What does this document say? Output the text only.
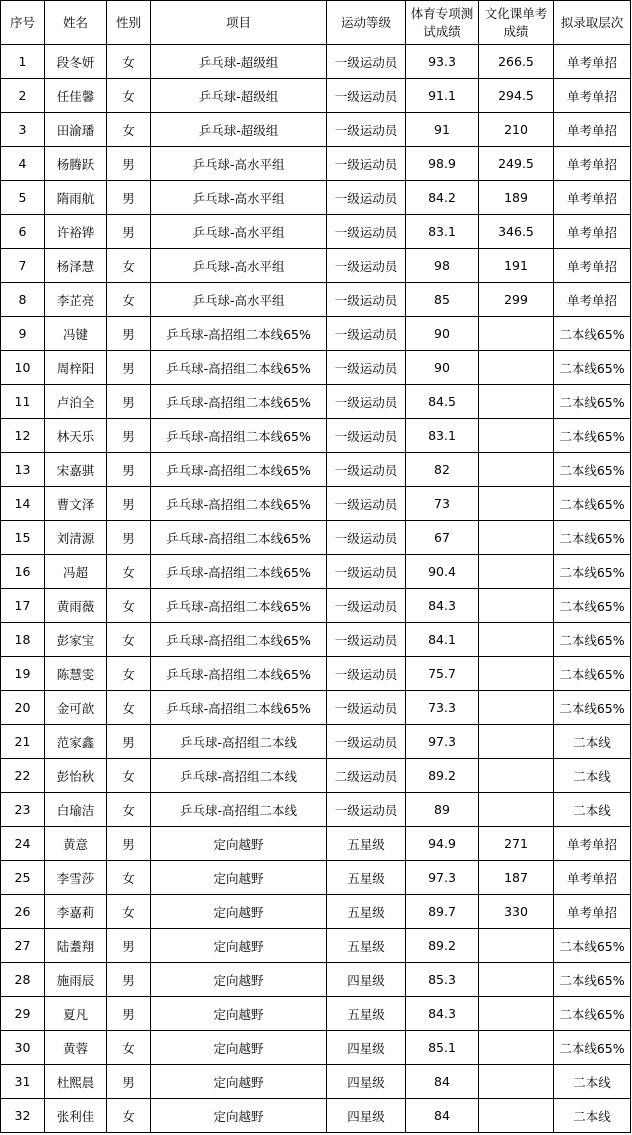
序号	姓名	性别	项目	运动等级	体育专项测试成绩	文化课单考成绩	拟录取层次
1	段冬妍	女	乒乓球-超级组	一级运动员	93.3	266.5	单考单招
2	任佳馨	女	乒乓球-超级组	一级运动员	91.1	294.5	单考单招
3	田渝璠	女	乒乓球-超级组	一级运动员	91	210	单考单招
4	杨腾跃	男	乒乓球-高水平组	一级运动员	98.9	249.5	单考单招
5	隋雨航	男	乒乓球-高水平组	一级运动员	84.2	189	单考单招
6	许裕铧	男	乒乓球-高水平组	一级运动员	83.1	346.5	单考单招
7	杨泽慧	女	乒乓球-高水平组	一级运动员	98	191	单考单招
8	李芷亮	女	乒乓球-高水平组	一级运动员	85	299	单考单招
9	冯键	男	乒乓球-高招组二本线65%	一级运动员	90		二本线65%
10	周梓阳	男	乒乓球-高招组二本线65%	一级运动员	90		二本线65%
11	卢泊全	男	乒乓球-高招组二本线65%	一级运动员	84.5		二本线65%
12	林天乐	男	乒乓球-高招组二本线65%	一级运动员	83.1		二本线65%
13	宋嘉骐	男	乒乓球-高招组二本线65%	一级运动员	82		二本线65%
14	曹文泽	男	乒乓球-高招组二本线65%	一级运动员	73		二本线65%
15	刘清源	男	乒乓球-高招组二本线65%	一级运动员	67		二本线65%
16	冯超	女	乒乓球-高招组二本线65%	一级运动员	90.4		二本线65%
17	黄雨薇	女	乒乓球-高招组二本线65%	一级运动员	84.3		二本线65%
18	彭家宝	女	乒乓球-高招组二本线65%	一级运动员	84.1		二本线65%
19	陈慧雯	女	乒乓球-高招组二本线65%	一级运动员	75.7		二本线65%
20	金可歆	女	乒乓球-高招组二本线65%	一级运动员	73.3		二本线65%
21	范家鑫	男	乒乓球-高招组二本线	一级运动员	97.3		二本线
22	彭怡秋	女	乒乓球-高招组二本线	二级运动员	89.2		二本线
23	白瑜洁	女	乒乓球-高招组二本线	一级运动员	89		二本线
24	黄意	男	定向越野	五星级	94.9	271	单考单招
25	李雪莎	女	定向越野	五星级	97.3	187	单考单招
26	李嘉莉	女	定向越野	五星级	89.7	330	单考单招
27	陆耋翔	男	定向越野	五星级	89.2		二本线65%
28	施雨辰	男	定向越野	四星级	85.3		二本线65%
29	夏凡	男	定向越野	五星级	84.3		二本线65%
30	黄蓉	女	定向越野	四星级	85.1		二本线65%
31	杜熙晨	男	定向越野	四星级	84		二本线
32	张利佳	女	定向越野	四星级	84		二本线
